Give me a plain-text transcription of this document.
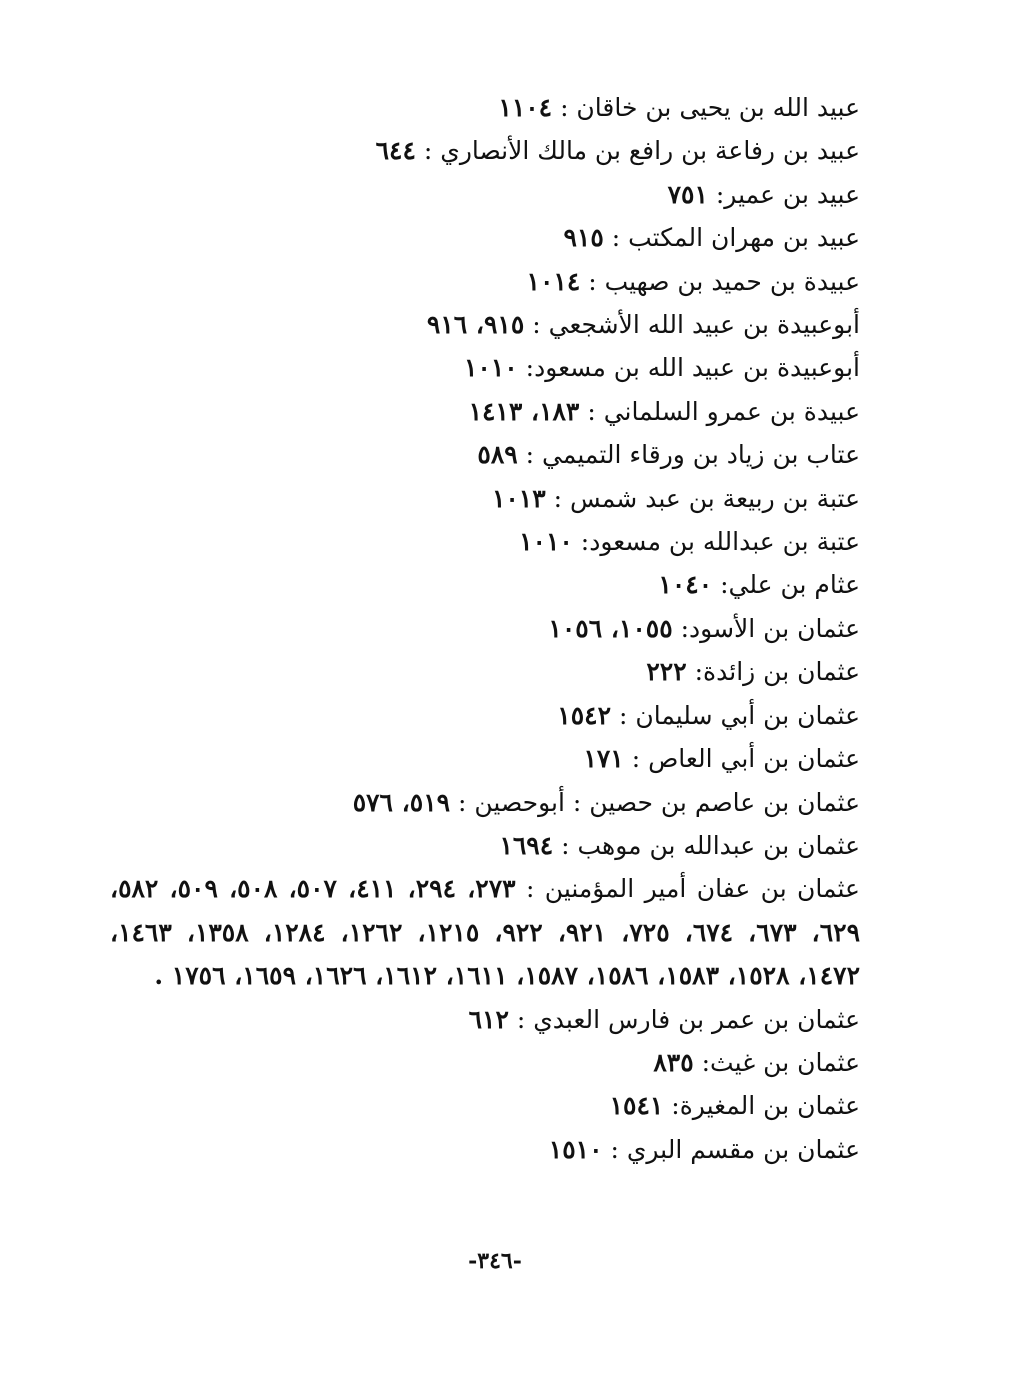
عبيد الله بن يحيى بن خاقان : ١١٠٤
عبيد بن رفاعة بن رافع بن مالك الأنصاري : ٦٤٤
عبيد بن عمير: ٧٥١
عبيد بن مهران المكتب : ٩١٥
عبيدة بن حميد بن صهيب : ١٠١٤
أبوعبيدة بن عبيد الله الأشجعي : ٩١٥، ٩١٦
أبوعبيدة بن عبيد الله بن مسعود: ١٠١٠
عبيدة بن عمرو السلماني : ١٨٣، ١٤١٣
عتاب بن زياد بن ورقاء التميمي : ٥٨٩
عتبة بن ربيعة بن عبد شمس : ١٠١٣
عتبة بن عبدالله بن مسعود: ١٠١٠
عثام بن علي: ١٠٤٠
عثمان بن الأسود: ١٠٥٥، ١٠٥٦
عثمان بن زائدة: ٢٢٢
عثمان بن أبي سليمان : ١٥٤٢
عثمان بن أبي العاص : ١٧١
عثمان بن عاصم بن حصين : أبوحصين : ٥١٩، ٥٧٦
عثمان بن عبدالله بن موهب : ١٦٩٤
عثمان بن عفان أمير المؤمنين : ٢٧٣، ٢٩٤، ٤١١، ٥٠٧، ٥٠٨، ٥٠٩، ٥٨٢، ٦٢٩، ٦٧٣، ٦٧٤، ٧٢٥، ٩٢١، ٩٢٢، ١٢١٥، ١٢٦٢، ١٢٨٤، ١٣٥٨، ١٤٦٣، ١٤٧٢، ١٥٢٨، ١٥٨٣، ١٥٨٦، ١٥٨٧، ١٦١١، ١٦١٢، ١٦٢٦، ١٦٥٩، ١٧٥٦ .
عثمان بن عمر بن فارس العبدي : ٦١٢
عثمان بن غيث: ٨٣٥
عثمان بن المغيرة: ١٥٤١
عثمان بن مقسم البري : ١٥١٠
-٣٤٦-
